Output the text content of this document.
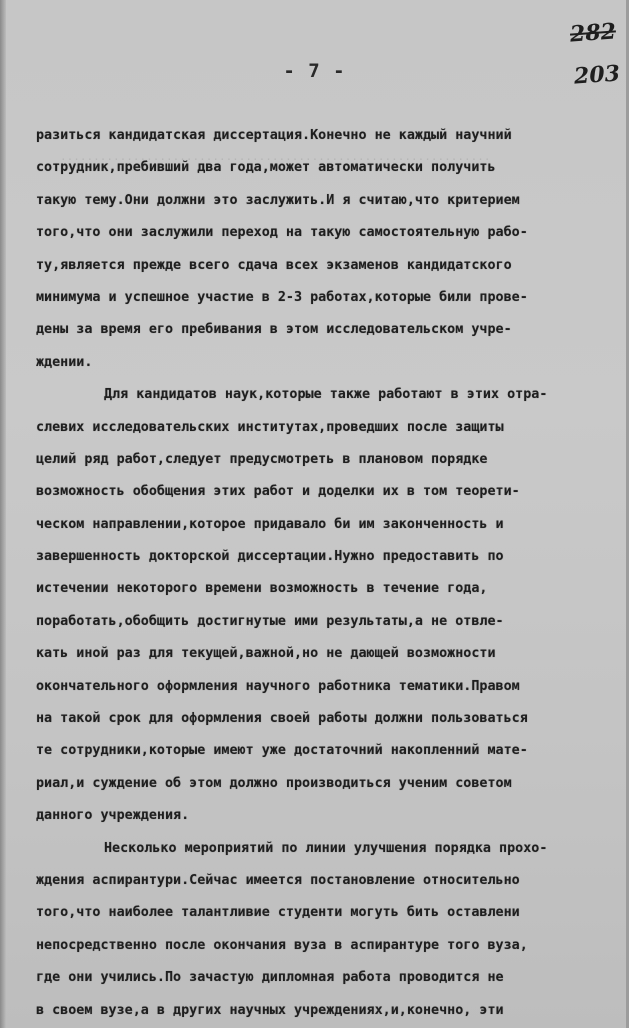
.................................................................
282
203
- 7 -
разиться кандидатская диссертация.Конечно не каждый научний
сотрудник,пребивший два года,может автоматически получить
такую тему.Они должни это заслужить.И я считаю,что критерием
того,что они заслужили переход на такую самостоятельную рабо-
ту,является прежде всего сдача всех экзаменов кандидатского
минимума и успешное участие в 2-3 работах,которые били прове-
дены за время его пребивания в этом исследовательском учре-
ждении.
Для кандидатов наук,которые также работают в этих отра-
слевих исследовательских институтах,проведших после защиты
целий ряд работ,следует предусмотреть в плановом порядке
возможность обобщения этих работ и доделки их в том теорети-
ческом направлении,которое придавало би им законченность и
завершенность докторской диссертации.Нужно предоставить по
истечении некоторого времени возможность в течение года,
поработать,обобщить достигнутые ими результаты,а не отвле-
кать иной раз для текущей,важной,но не дающей возможности
окончательного оформления научного работника тематики.Правом
на такой срок для оформления своей работы должни пользоваться
те сотрудники,которые имеют уже достаточний накопленний мате-
риал,и суждение об этом должно производиться ученим советом
данного учреждения.
Несколько мероприятий по линии улучшения порядка прохо-
ждения аспирантури.Сейчас имеется постановление относительно
того,что наиболее талантливие студенти могуть бить оставлени
непосредственно после окончания вуза в аспирантуре того вуза,
где они учились.По зачастую дипломная работа проводится не
в своем вузе,а в других научных учреждениях,и,конечно, эти
